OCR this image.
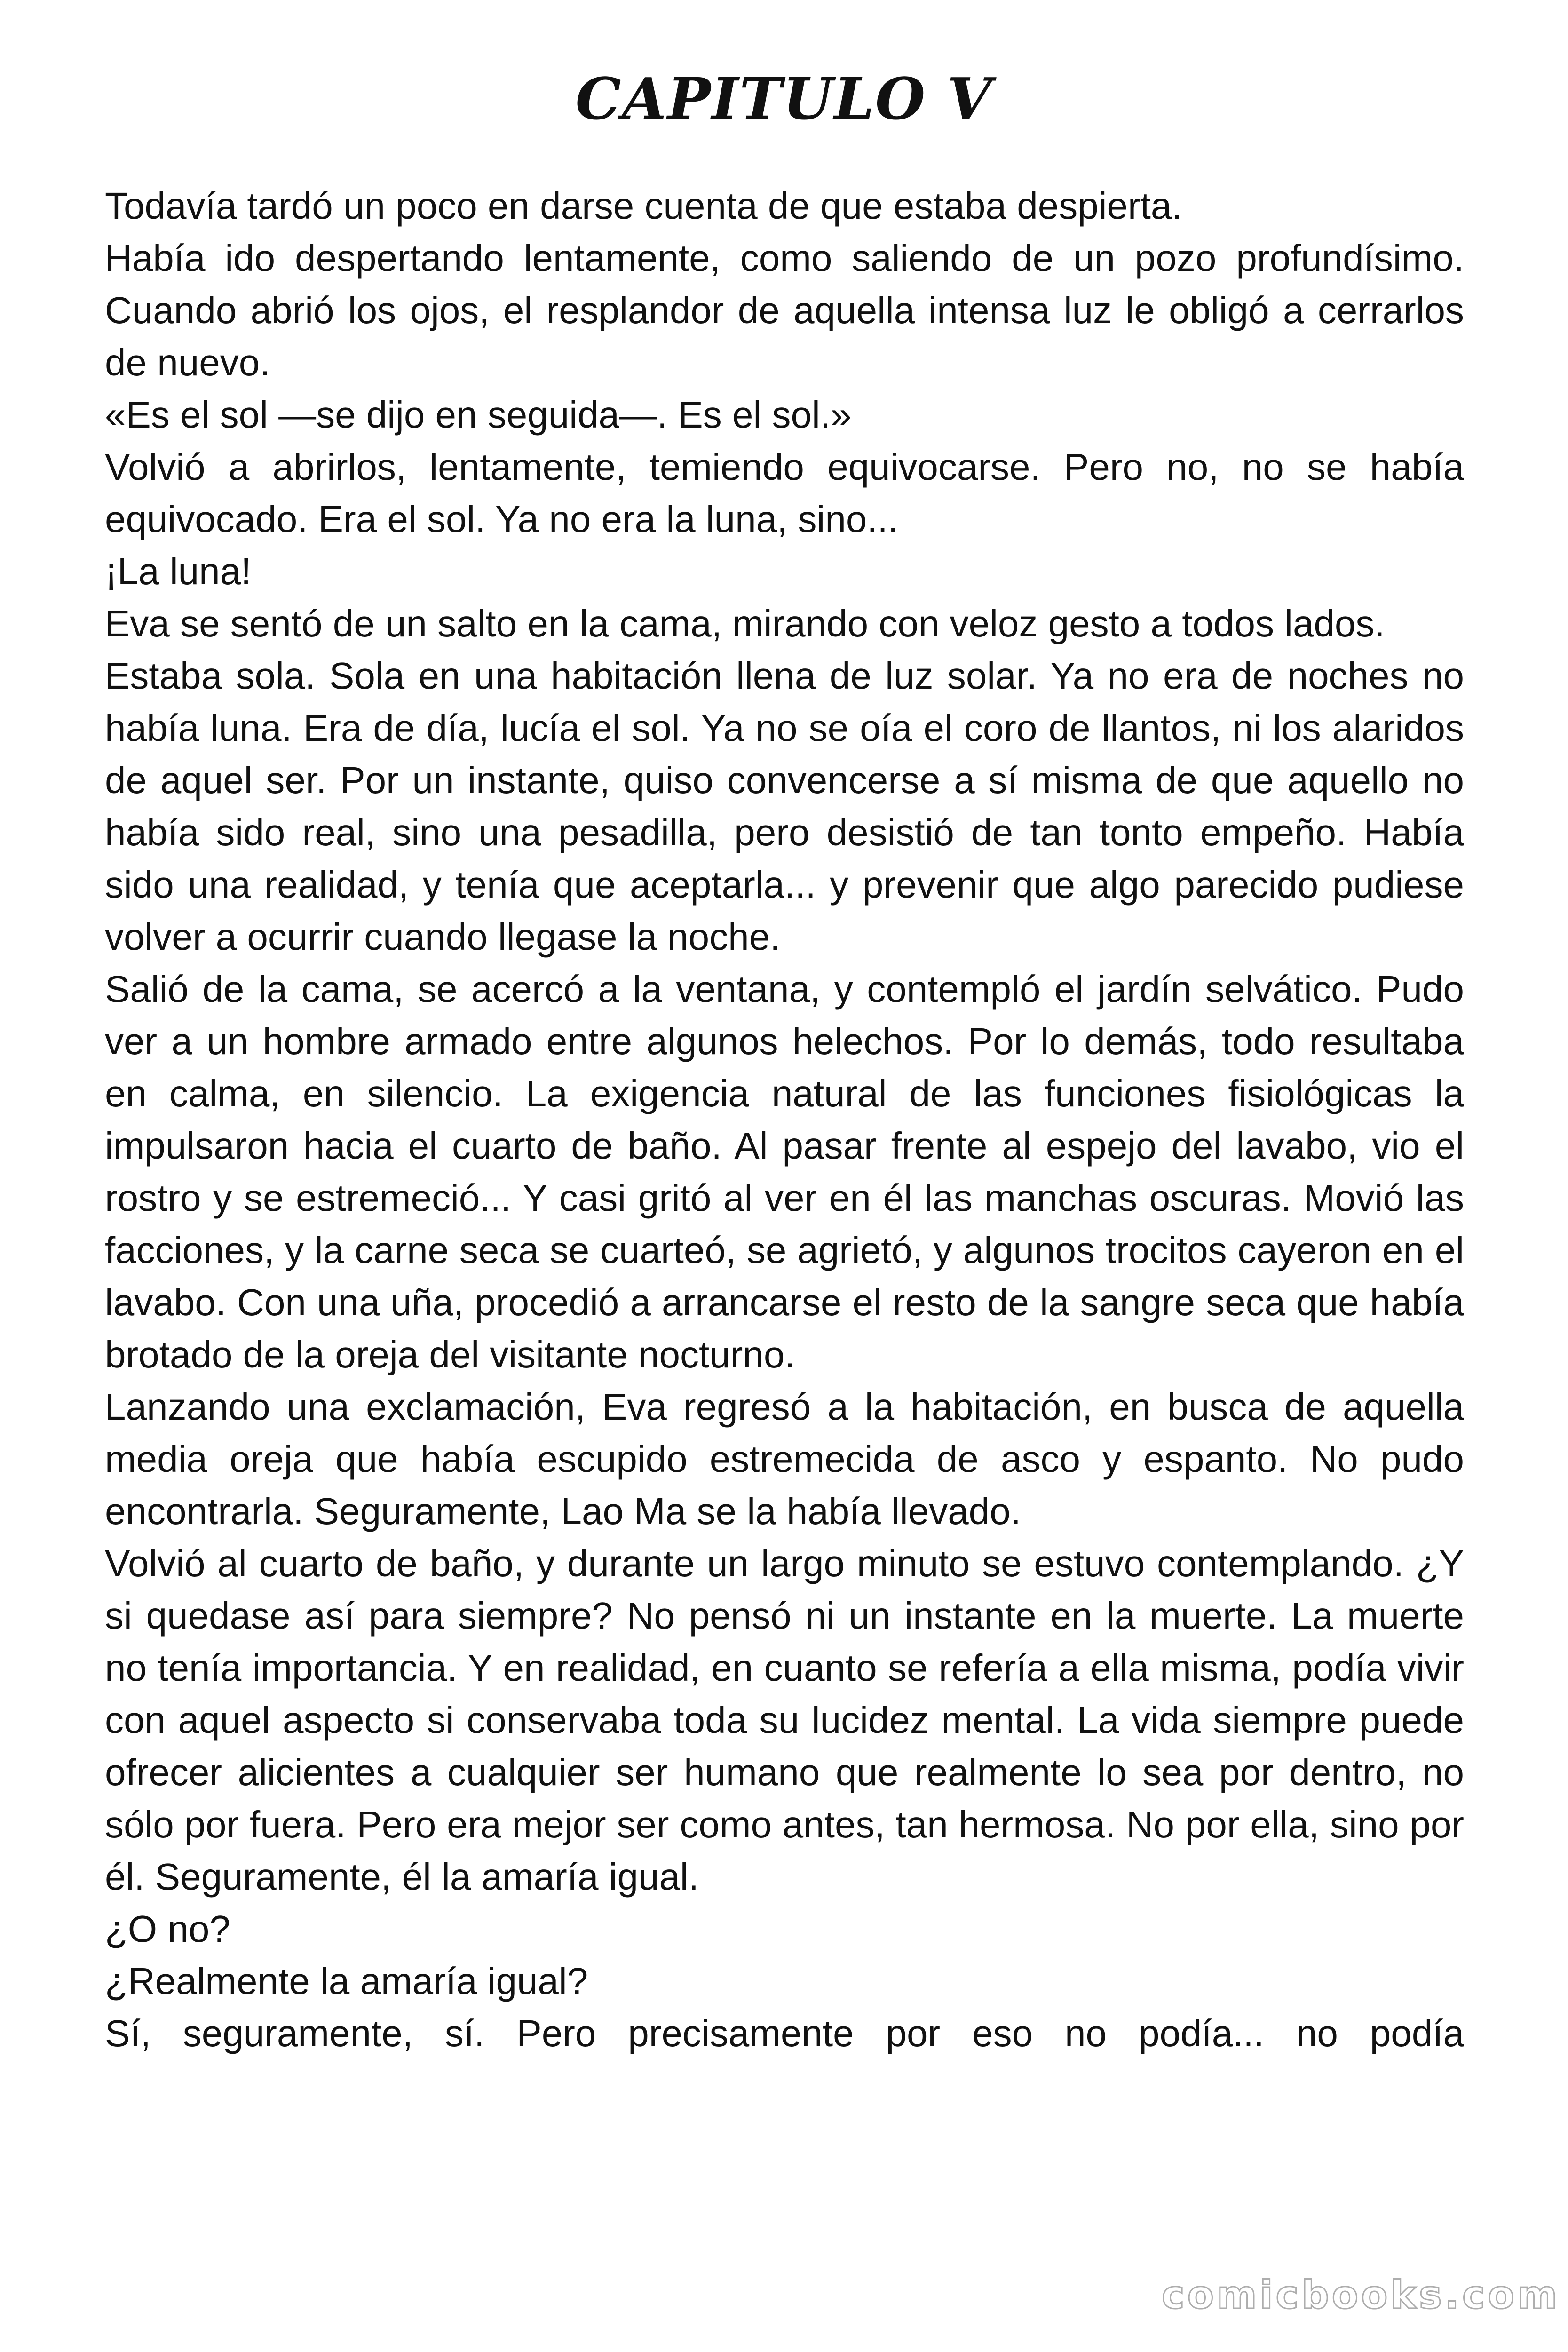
CAPITULO V

Todavía tardó un poco en darse cuenta de que estaba despierta.

Había ido despertando lentamente, como saliendo de un pozo profundísimo. Cuando abrió los ojos, el resplandor de aquella intensa luz le obligó a cerrarlos de nuevo.

«Es el sol —se dijo en seguida—. Es el sol.»

Volvió a abrirlos, lentamente, temiendo equivocarse. Pero no, no se había equivocado. Era el sol. Ya no era la luna, sino...

¡La luna!

Eva se sentó de un salto en la cama, mirando con veloz gesto a todos lados.

Estaba sola. Sola en una habitación llena de luz solar. Ya no era de noches no había luna. Era de día, lucía el sol. Ya no se oía el coro de llantos, ni los alaridos de aquel ser. Por un instante, quiso convencerse a sí misma de que aquello no había sido real, sino una pesadilla, pero desistió de tan tonto empeño. Había sido una realidad, y tenía que aceptarla... y prevenir que algo parecido pudiese volver a ocurrir cuando llegase la noche.

Salió de la cama, se acercó a la ventana, y contempló el jardín selvático. Pudo ver a un hombre armado entre algunos helechos. Por lo demás, todo resultaba en calma, en silencio. La exigencia natural de las funciones fisiológicas la impulsaron hacia el cuarto de baño. Al pasar frente al espejo del lavabo, vio el rostro y se estremeció... Y casi gritó al ver en él las manchas oscuras. Movió las facciones, y la carne seca se cuarteó, se agrietó, y algunos trocitos cayeron en el lavabo. Con una uña, procedió a arrancarse el resto de la sangre seca que había brotado de la oreja del visitante nocturno.

Lanzando una exclamación, Eva regresó a la habitación, en busca de aquella media oreja que había escupido estremecida de asco y espanto. No pudo encontrarla. Seguramente, Lao Ma se la había llevado.

Volvió al cuarto de baño, y durante un largo minuto se estuvo contemplando. ¿Y si quedase así para siempre? No pensó ni un instante en la muerte. La muerte no tenía importancia. Y en realidad, en cuanto se refería a ella misma, podía vivir con aquel aspecto si conservaba toda su lucidez mental. La vida siempre puede ofrecer alicientes a cualquier ser humano que realmente lo sea por dentro, no sólo por fuera. Pero era mejor ser como antes, tan hermosa. No por ella, sino por él. Seguramente, él la amaría igual.

¿O no?

¿Realmente la amaría igual?

Sí, seguramente, sí. Pero precisamente por eso no podía... no podía

comicbooks.com
